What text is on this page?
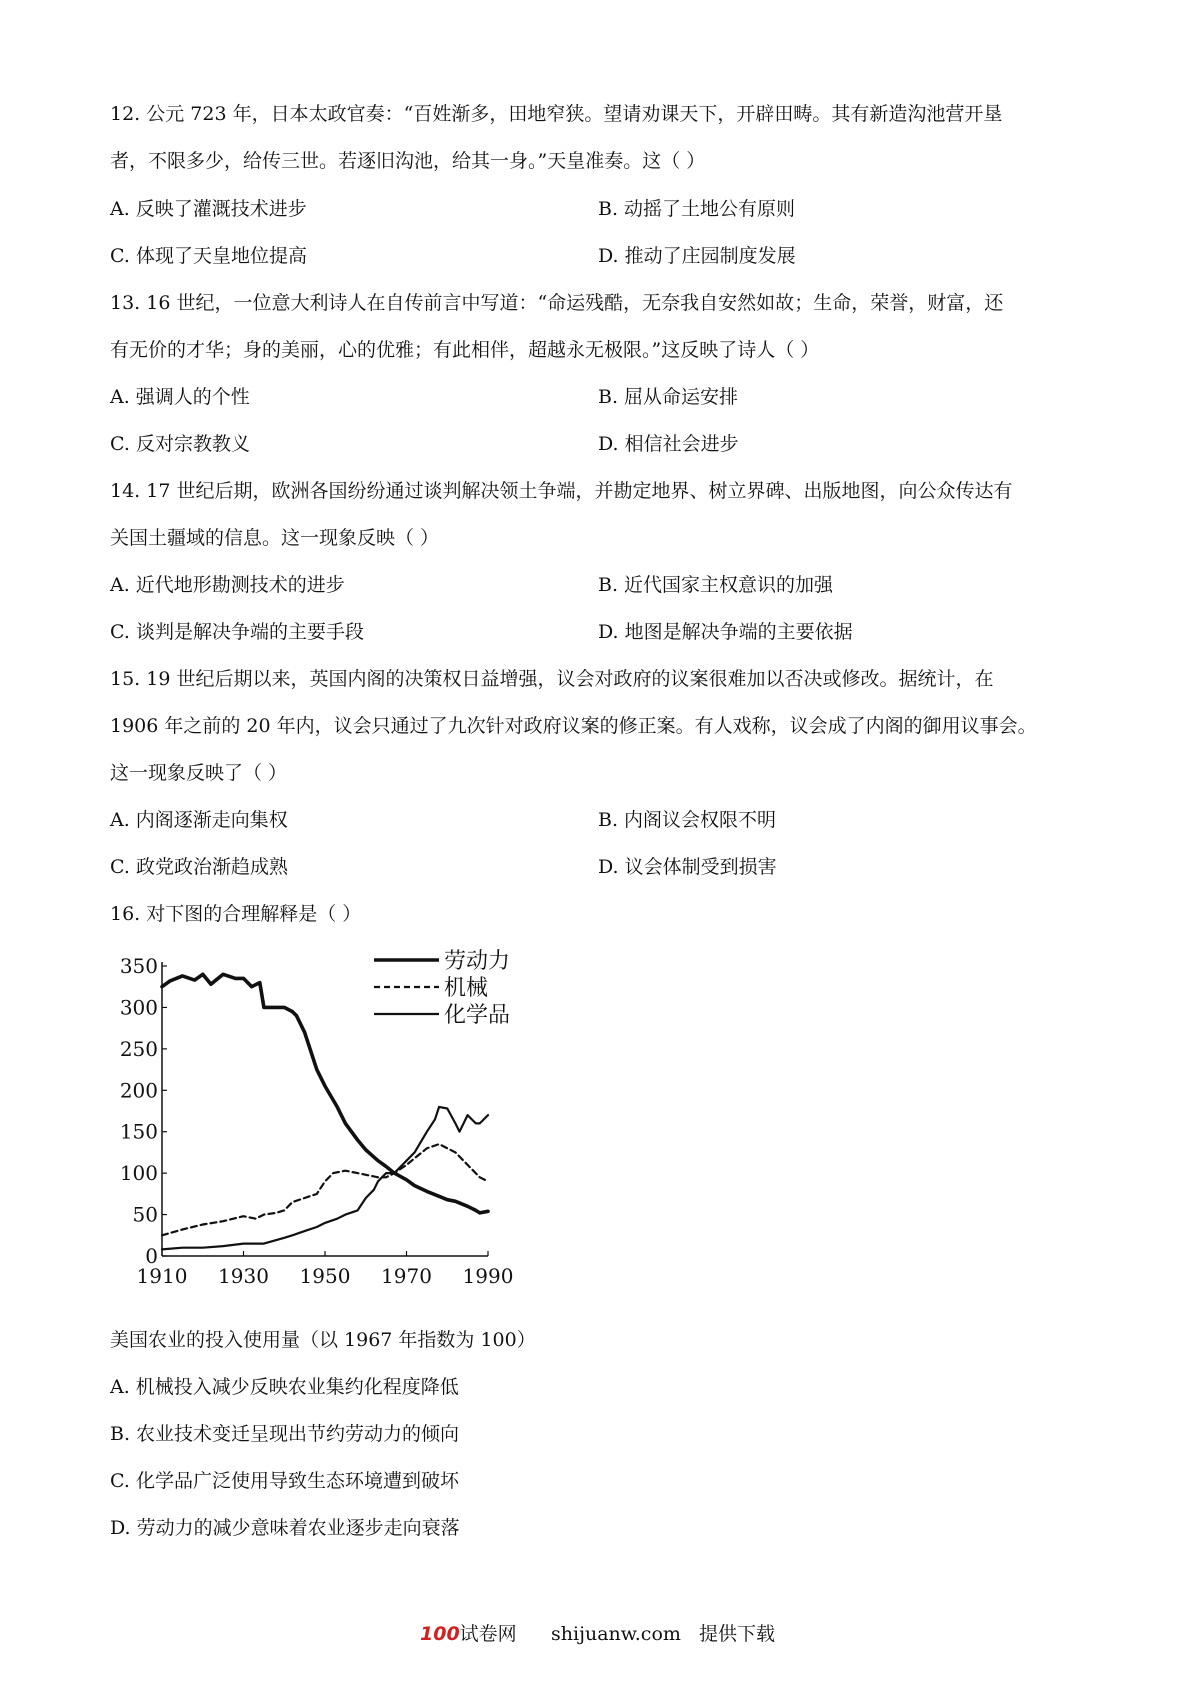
12. 公元 723 年，日本太政官奏：“百姓渐多，田地窄狭。望请劝课天下，开辟田畴。其有新造沟池营开垦
者，不限多少，给传三世。若逐旧沟池，给其一身。”天皇准奏。这（ ）
A. 反映了灌溉技术进步	B. 动摇了土地公有原则
C. 体现了天皇地位提高	D. 推动了庄园制度发展
13. 16 世纪，一位意大利诗人在自传前言中写道：“命运残酷，无奈我自安然如故；生命，荣誉，财富，还
有无价的才华；身的美丽，心的优雅；有此相伴，超越永无极限。”这反映了诗人（ ）
A. 强调人的个性	B. 屈从命运安排
C. 反对宗教教义	D. 相信社会进步
14. 17 世纪后期，欧洲各国纷纷通过谈判解决领土争端，并勘定地界、树立界碑、出版地图，向公众传达有
关国土疆域的信息。这一现象反映（ ）
A. 近代地形勘测技术的进步	B. 近代国家主权意识的加强
C. 谈判是解决争端的主要手段	D. 地图是解决争端的主要依据
15. 19 世纪后期以来，英国内阁的决策权日益增强，议会对政府的议案很难加以否决或修改。据统计，在
1906 年之前的 20 年内，议会只通过了九次针对政府议案的修正案。有人戏称，议会成了内阁的御用议事会。
这一现象反映了（ ）
A. 内阁逐渐走向集权	B. 内阁议会权限不明
C. 政党政治渐趋成熟	D. 议会体制受到损害
16. 对下图的合理解释是（ ）
0
50
100
150
200
250
300
350
1910 1930 1950 1970 1990
劳动力
机械
化学品
美国农业的投入使用量（以 1967 年指数为 100）
A. 机械投入减少反映农业集约化程度降低
B. 农业技术变迁呈现出节约劳动力的倾向
C. 化学品广泛使用导致生态环境遭到破坏
D. 劳动力的减少意味着农业逐步走向衰落
100试卷网 shijuanw.com 提供下载
